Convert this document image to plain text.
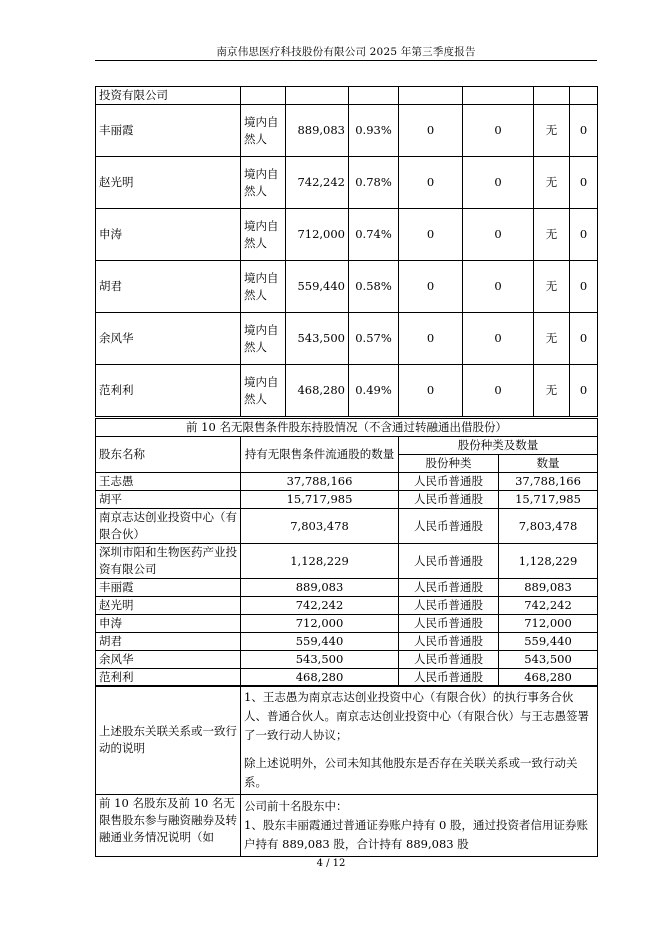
南京伟思医疗科技股份有限公司 2025 年第三季度报告
投资有限公司							
丰丽霞	境内自然人	889,083	0.93%	0	0	无	0
赵光明	境内自然人	742,242	0.78%	0	0	无	0
申涛	境内自然人	712,000	0.74%	0	0	无	0
胡君	境内自然人	559,440	0.58%	0	0	无	0
余风华	境内自然人	543,500	0.57%	0	0	无	0
范利利	境内自然人	468,280	0.49%	0	0	无	0
前 10 名无限售条件股东持股情况（不含通过转融通出借股份）			
股东名称	持有无限售条件流通股的数量	股份种类及数量	
		股份种类	数量
王志愚	37,788,166	人民币普通股	37,788,166
胡平	15,717,985	人民币普通股	15,717,985
南京志达创业投资中心（有限合伙）	7,803,478	人民币普通股	7,803,478
深圳市阳和生物医药产业投资有限公司	1,128,229	人民币普通股	1,128,229
丰丽霞	889,083	人民币普通股	889,083
赵光明	742,242	人民币普通股	742,242
申涛	712,000	人民币普通股	712,000
胡君	559,440	人民币普通股	559,440
余风华	543,500	人民币普通股	543,500
范利利	468,280	人民币普通股	468,280
上述股东关联关系或一致行动的说明	1、王志愚为南京志达创业投资中心（有限合伙）的执行事务合伙人、普通合伙人。南京志达创业投资中心（有限合伙）与王志愚签署了一致行动人协议；
除上述说明外，公司未知其他股东是否存在关联关系或一致行动关系。

前 10 名股东及前 10 名无限售股东参与融资融券及转融通业务情况说明（如	公司前十名股东中：
1、股东丰丽霞通过普通证券账户持有 0 股，通过投资者信用证券账户持有 889,083 股，合计持有 889,083 股
4 / 12
